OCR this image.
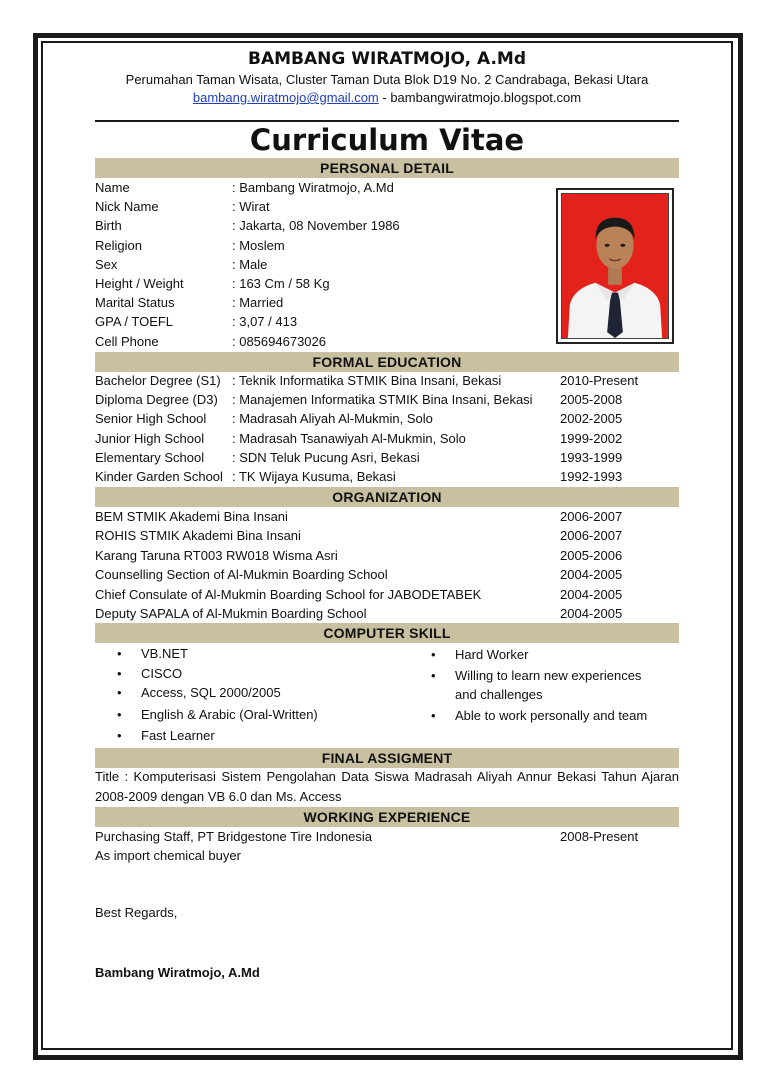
BAMBANG WIRATMOJO, A.Md
Perumahan Taman Wisata, Cluster Taman Duta Blok D19 No. 2 Candrabaga, Bekasi Utara
bambang.wiratmojo@gmail.com - bambangwiratmojo.blogspot.com
Curriculum Vitae
PERSONAL DETAIL
Name	: Bambang Wiratmojo, A.Md
Nick Name	: Wirat
Birth	: Jakarta, 08 November 1986
Religion	: Moslem
Sex	: Male
Height / Weight	: 163 Cm / 58 Kg
Marital Status	: Married
GPA / TOEFL	: 3,07 / 413
Cell Phone	: 085694673026
FORMAL EDUCATION
Bachelor Degree (S1) : Teknik Informatika STMIK Bina Insani, Bekasi	2010-Present
Diploma Degree (D3) : Manajemen Informatika STMIK Bina Insani, Bekasi 2005-2008
Senior High School : Madrasah Aliyah Al-Mukmin, Solo	2002-2005
Junior High School : Madrasah Tsanawiyah Al-Mukmin, Solo	1999-2002
Elementary School : SDN Teluk Pucung Asri, Bekasi	1993-1999
Kinder Garden School : TK Wijaya Kusuma, Bekasi	1992-1993
ORGANIZATION
BEM STMIK Akademi Bina Insani	2006-2007
ROHIS STMIK Akademi Bina Insani	2006-2007
Karang Taruna RT003 RW018 Wisma Asri	2005-2006
Counselling Section of Al-Mukmin Boarding School	2004-2005
Chief Consulate of Al-Mukmin Boarding School for JABODETABEK	2004-2005
Deputy SAPALA of Al-Mukmin Boarding School	2004-2005
COMPUTER SKILL
• VB.NET
• CISCO
• Access, SQL 2000/2005
• English & Arabic (Oral-Written)
• Fast Learner
• Hard Worker
• Willing to learn new experiences
and challenges
• Able to work personally and team
FINAL ASSIGMENT
Title : Komputerisasi Sistem Pengolahan Data Siswa Madrasah Aliyah Annur Bekasi Tahun Ajaran 2008-2009 dengan VB 6.0 dan Ms. Access
WORKING EXPERIENCE
Purchasing Staff, PT Bridgestone Tire Indonesia	2008-Present
As import chemical buyer
Best Regards,
Bambang Wiratmojo, A.Md
